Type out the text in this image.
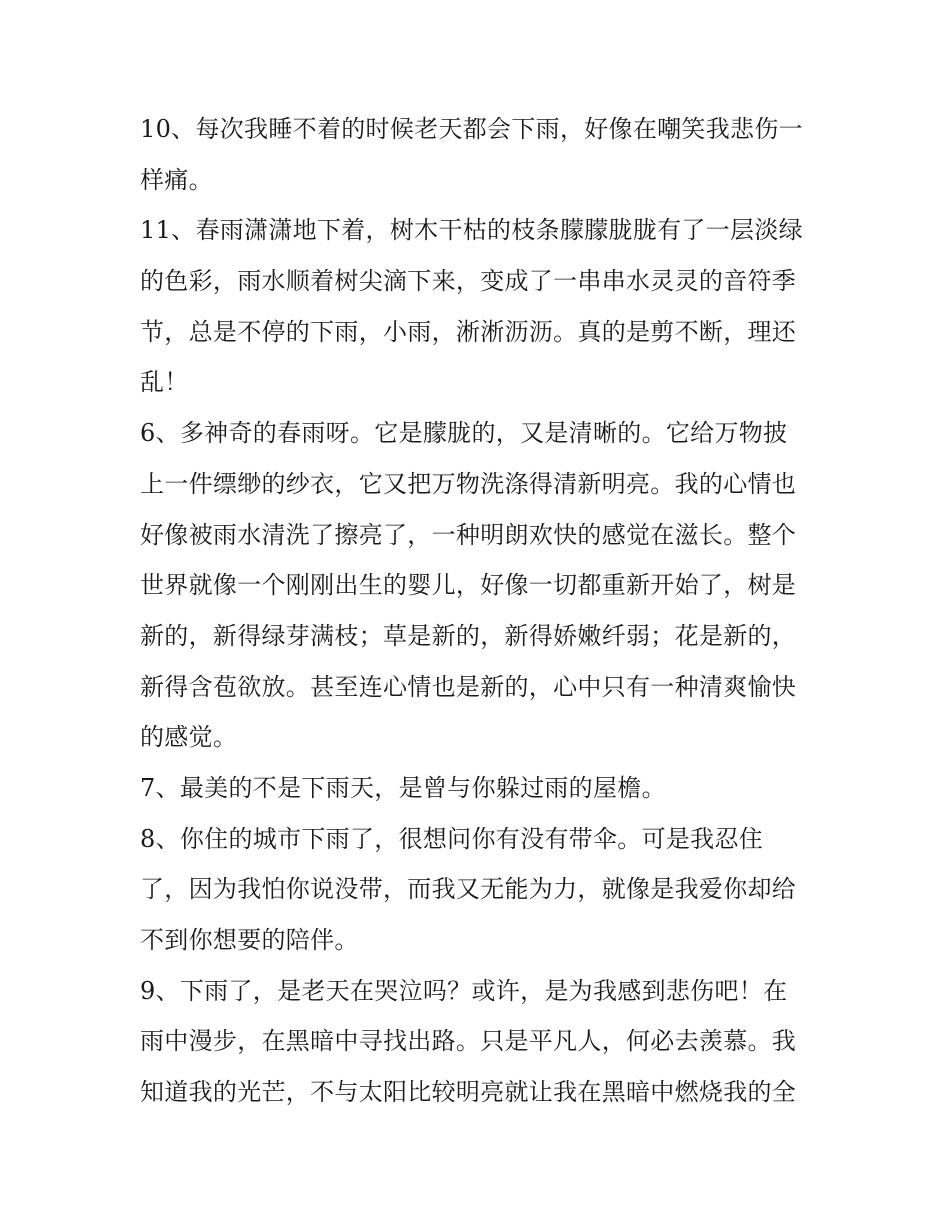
10、每次我睡不着的时候老天都会下雨，好像在嘲笑我悲伤一
样痛。
11、春雨潇潇地下着，树木干枯的枝条朦朦胧胧有了一层淡绿
的色彩，雨水顺着树尖滴下来，变成了一串串水灵灵的音符季
节，总是不停的下雨，小雨，淅淅沥沥。真的是剪不断，理还
乱！
6、多神奇的春雨呀。它是朦胧的，又是清晰的。它给万物披
上一件缥缈的纱衣，它又把万物洗涤得清新明亮。我的心情也
好像被雨水清洗了擦亮了，一种明朗欢快的感觉在滋长。整个
世界就像一个刚刚出生的婴儿，好像一切都重新开始了，树是
新的，新得绿芽满枝；草是新的，新得娇嫩纤弱；花是新的，
新得含苞欲放。甚至连心情也是新的，心中只有一种清爽愉快
的感觉。
7、最美的不是下雨天，是曾与你躲过雨的屋檐。
8、你住的城市下雨了，很想问你有没有带伞。可是我忍住
了，因为我怕你说没带，而我又无能为力，就像是我爱你却给
不到你想要的陪伴。
9、下雨了，是老天在哭泣吗？或许，是为我感到悲伤吧！在
雨中漫步，在黑暗中寻找出路。只是平凡人，何必去羡慕。我
知道我的光芒，不与太阳比较明亮就让我在黑暗中燃烧我的全
